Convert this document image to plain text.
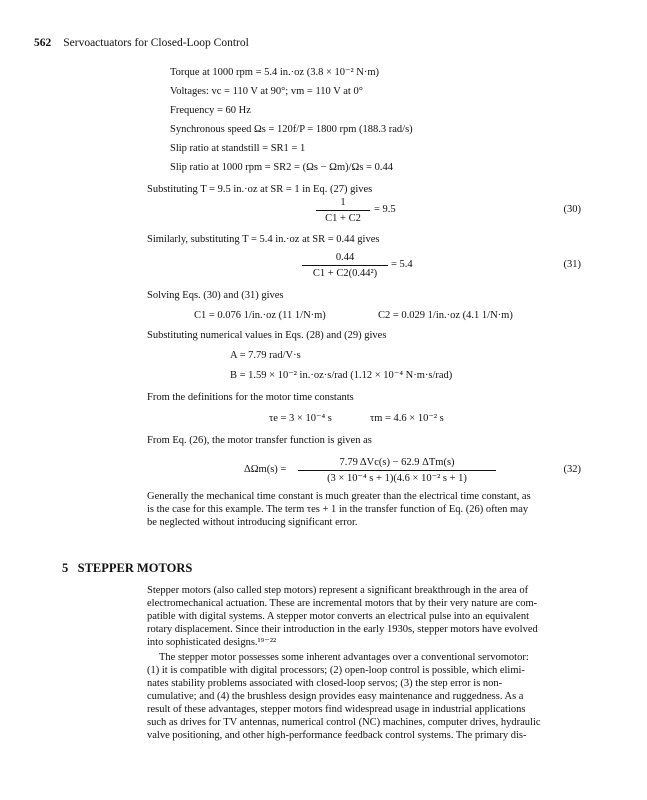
562 Servoactuators for Closed-Loop Control
Torque at 1000 rpm = 5.4 in.·oz (3.8 × 10⁻² N·m)
Voltages: vc = 110 V at 90°; vm = 110 V at 0°
Frequency = 60 Hz
Synchronous speed Ωs = 120f/P = 1800 rpm (188.3 rad/s)
Slip ratio at standstill = SR1 = 1
Slip ratio at 1000 rpm = SR2 = (Ωs − Ωm)/Ωs = 0.44
Substituting T = 9.5 in.·oz at SR = 1 in Eq. (27) gives
$\frac{1}{C1 + C2} = 9.5$	(30)
Similarly, substituting T = 5.4 in.·oz at SR = 0.44 gives
$\frac{0.44}{\text{C1 + C2(0.44²)}} = 5.4$	(31)
Solving Eqs. (30) and (31) gives
C1 = 0.076 1/in.·oz (11 1/N·m)	C2 = 0.029 1/in.·oz (4.1 1/N·m)
Substituting numerical values in Eqs. (28) and (29) gives
A = 7.79 rad/V·s
B = 1.59 × 10⁻² in.·oz·s/rad (1.12 × 10⁻⁴ N·m·s/rad)
From the definitions for the motor time constants
τe = 3 × 10⁻⁴ s	τm = 4.6 × 10⁻² s
From Eq. (26), the motor transfer function is given as
ΔΩm(s) =
7.79 ΔVc(s) − 62.9 ΔTm(s)
(3 × 10⁻⁴ s + 1)(4.6 × 10⁻² s + 1)
(32)
Generally the mechanical time constant is much greater than the electrical time constant, as
is the case for this example. The term τes + 1 in the transfer function of Eq. (26) often may
be neglected without introducing significant error.
5 STEPPER MOTORS
Stepper motors (also called step motors) represent a significant breakthrough in the area of
electromechanical actuation. These are incremental motors that by their very nature are com-
patible with digital systems. A stepper motor converts an electrical pulse into an equivalent
rotary displacement. Since their introduction in the early 1930s, stepper motors have evolved
into sophisticated designs.¹⁹⁻²²
The stepper motor possesses some inherent advantages over a conventional servomotor:
(1) it is compatible with digital processors; (2) open-loop control is possible, which elimi-
nates stability problems associated with closed-loop servos; (3) the step error is non-
cumulative; and (4) the brushless design provides easy maintenance and ruggedness. As a
result of these advantages, stepper motors find widespread usage in industrial applications
such as drives for TV antennas, numerical control (NC) machines, computer drives, hydraulic
valve positioning, and other high-performance feedback control systems. The primary dis-
